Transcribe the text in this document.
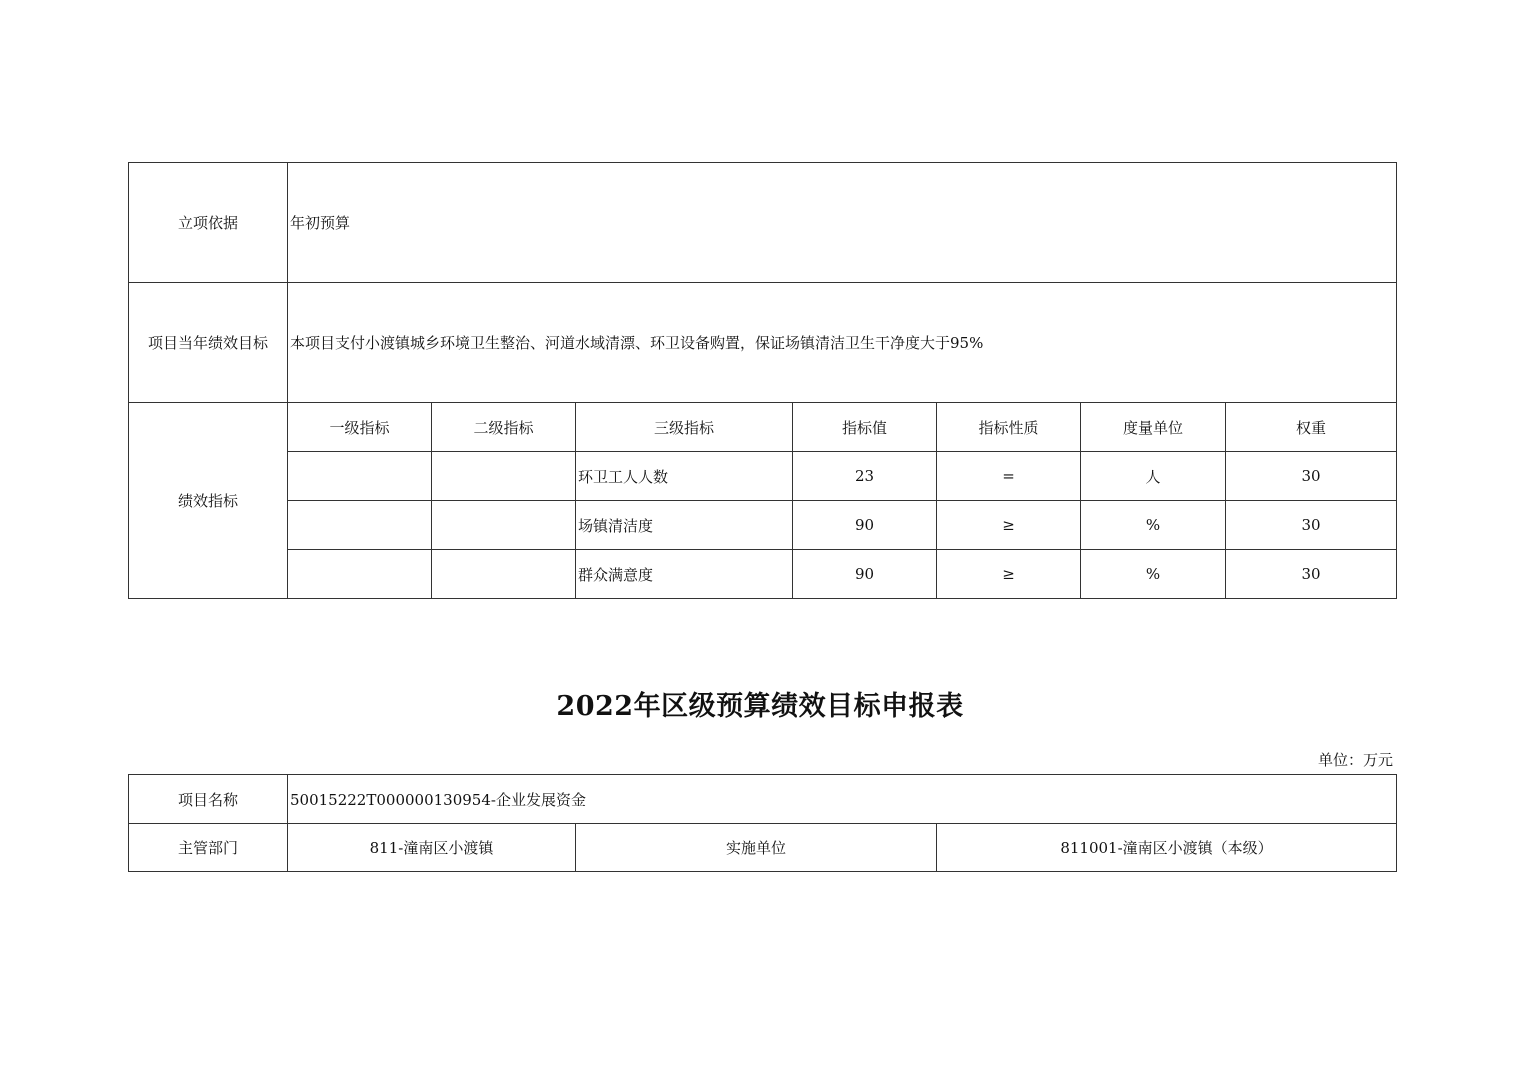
立项依据	年初预算						
项目当年绩效目标	本项目支付小渡镇城乡环境卫生整治、河道水域清漂、环卫设备购置，保证场镇清洁卫生干净度大于95%						
绩效指标	一级指标	二级指标	三级指标	指标值	指标性质	度量单位	权重
			环卫工人人数	23	=	人	30
			场镇清洁度	90	≥	%	30
			群众满意度	90	≥	%	30
2022年区级预算绩效目标申报表
单位：万元
项目名称	50015222T000000130954-企业发展资金		
主管部门	811-潼南区小渡镇	实施单位	811001-潼南区小渡镇（本级）
